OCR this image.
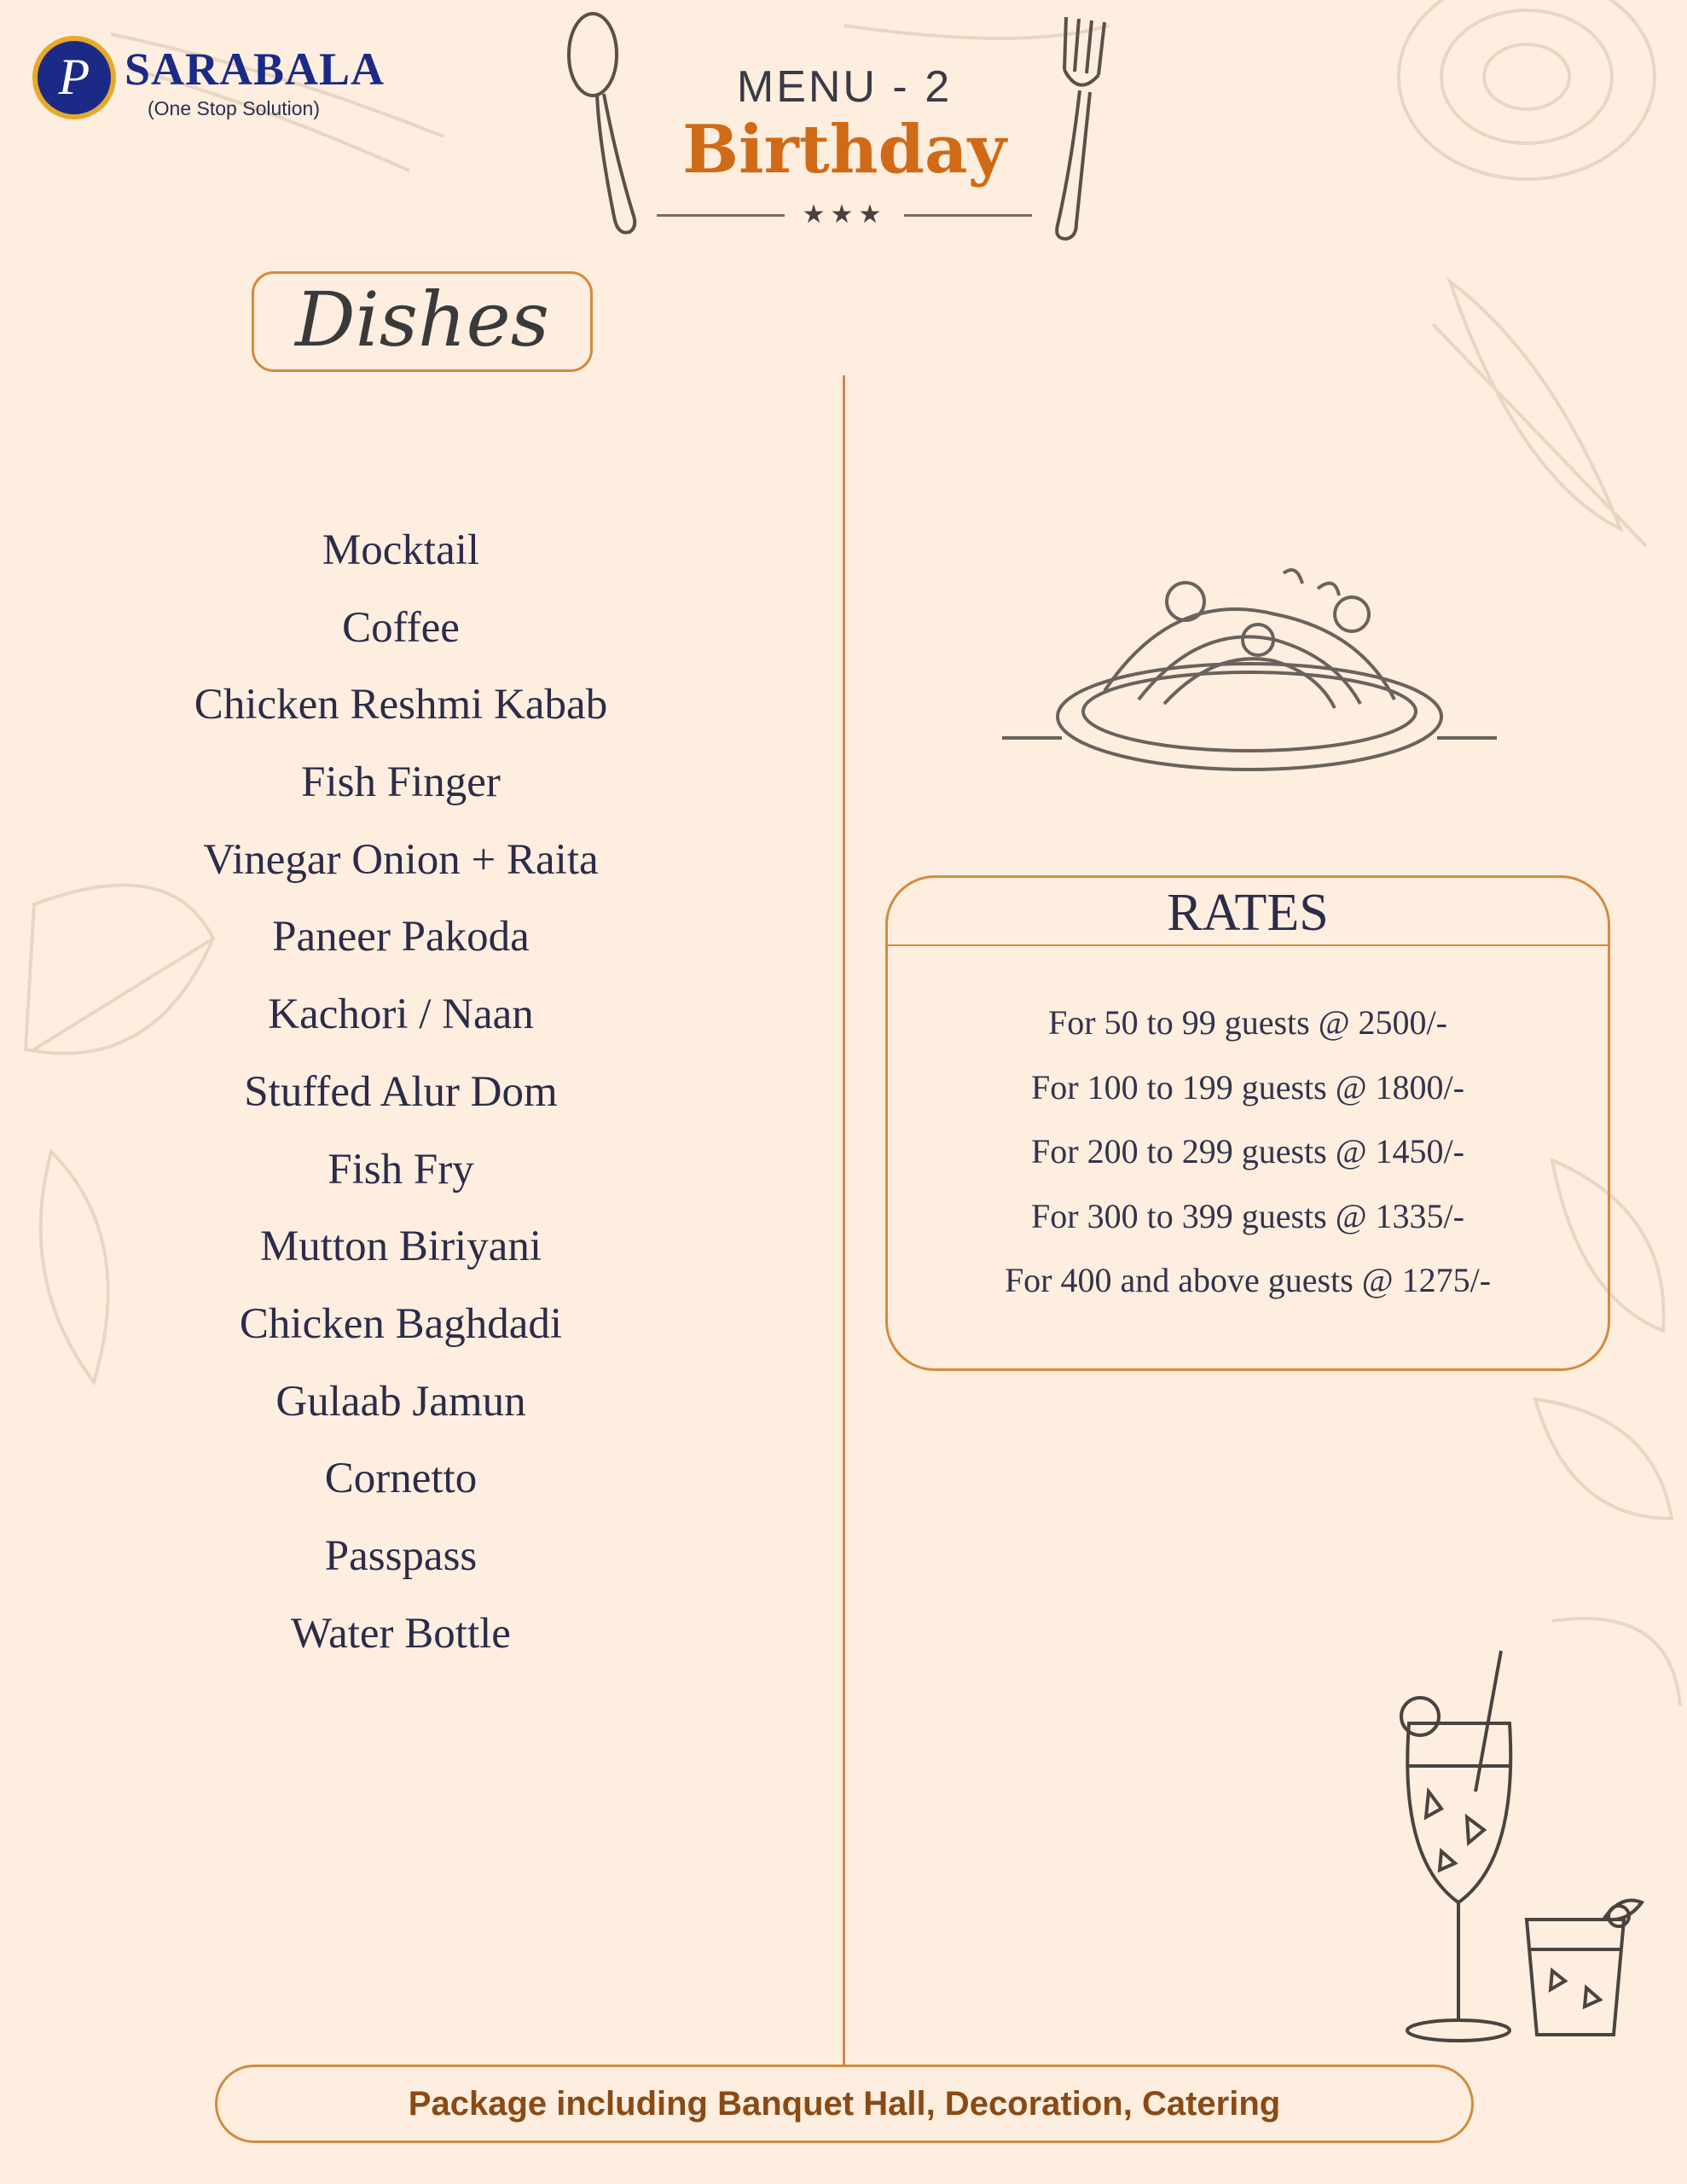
P SARABALA
(One Stop Solution)	MENU - 2
Birthday
★★★
Dishes
Mocktail
Coffee
Chicken Reshmi Kabab
Fish Finger
Vinegar Onion + Raita
Paneer Pakoda
Kachori / Naan
Stuffed Alur Dom
Fish Fry
Mutton Biriyani
Chicken Baghdadi
Gulaab Jamun
Cornetto
Passpass
Water Bottle
RATES
For 50 to 99 guests @ 2500/-
For 100 to 199 guests @ 1800/-
For 200 to 299 guests @ 1450/-
For 300 to 399 guests @ 1335/-
For 400 and above guests @ 1275/-
Package including Banquet Hall, Decoration, Catering
